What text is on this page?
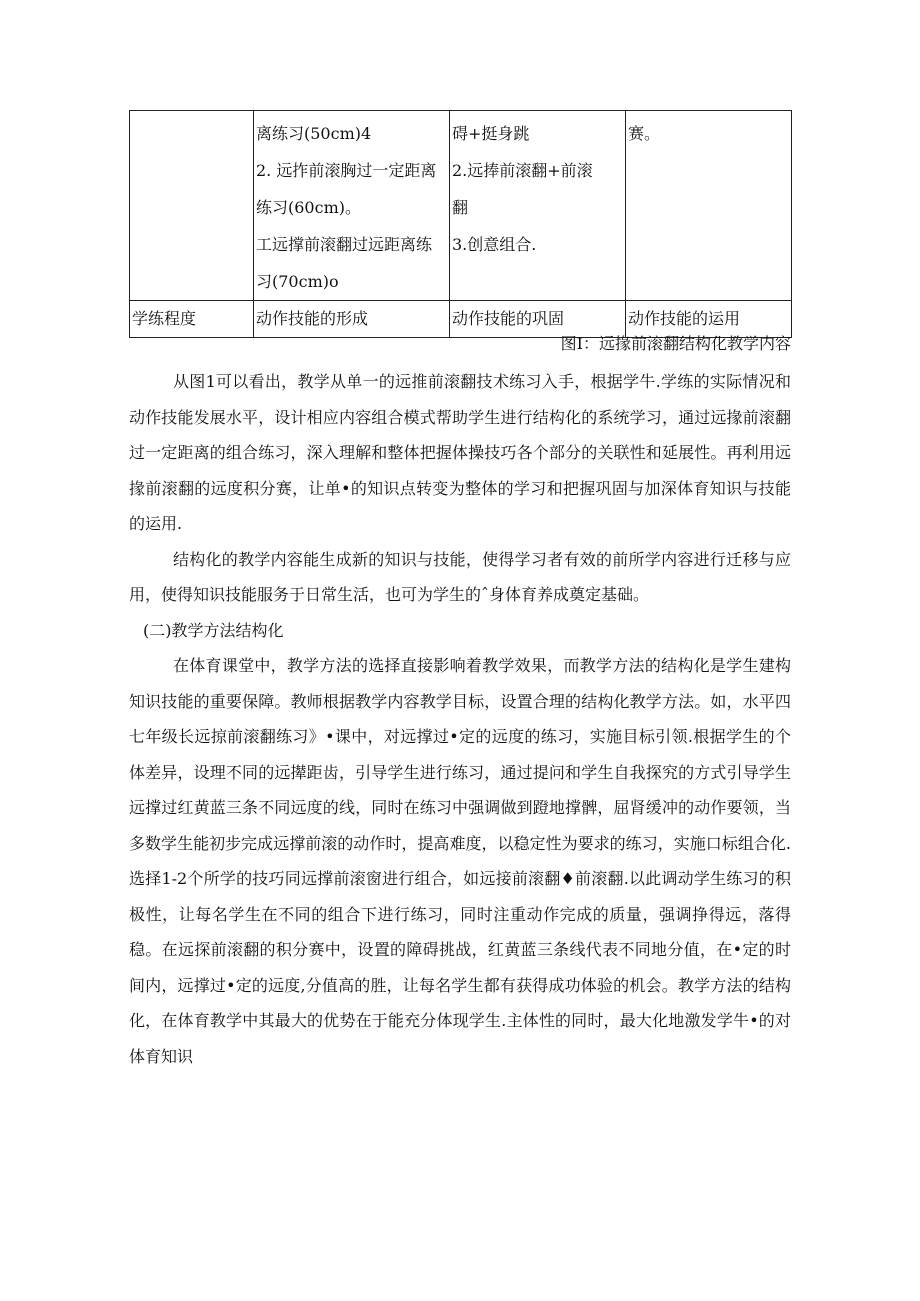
	离练习(50cm)4
2. 远拃前滚胸过一定距离
练习(60cm)。
工远撑前滚翻过远距离练
习(70cm)o	碍+挺身跳
2.远捧前滚翻+前滚
翻
3.创意组合.	赛。

学练程度	动作技能的形成	动作技能的巩固	动作技能的运用
图I：远掾前滚翻结构化教学内容

从图1可以看出，教学从单一的远推前滚翻技术练习入手，根据学牛.学练的实际情况和动作技能发展水平，设计相应内容组合模式帮助学生进行结构化的系统学习，通过远掾前滚翻过一定距离的组合练习，深入理解和整体把握体操技巧各个部分的关联性和延展性。再利用远掾前滚翻的远度积分赛，让单•的知识点转变为整体的学习和把握巩固与加深体育知识与技能的运用.

结构化的教学内容能生成新的知识与技能，使得学习者有效的前所学内容进行迁移与应用，使得知识技能服务于日常生活，也可为学生的ˆ身体育养成奠定基础。

(二)教学方法结构化

在体育课堂中，教学方法的选择直接影响着教学效果，而教学方法的结构化是学生建构知识技能的重要保障。教师根据教学内容教学目标，设置合理的结构化教学方法。如，水平四七年级长远掠前滚翻练习》•课中，对远撑过•定的远度的练习，实施目标引领.根据学生的个体差异，设理不同的远撵距齿，引导学生进行练习，通过提问和学生自我探究的方式引导学生远撑过红黄蓝三条不同远度的线，同时在练习中强调做到蹬地撑髀，屈肾缓冲的动作要领，当多数学生能初步完成远撑前滚的动作时，提高难度，以稳定性为要求的练习，实施口标组合化.选择1-2个所学的技巧同远撑前滚窗进行组合，如远接前滚翻♦前滚翻.以此调动学生练习的积极性，让每名学生在不同的组合下进行练习，同时注重动作完成的质量，强调挣得远，落得稳。在远探前滚翻的积分赛中，设置的障碍挑战，红黄蓝三条线代表不同地分值，在•定的时间内，远撑过•定的远度,分值高的胜，让每名学生都有获得成功体验的机会。教学方法的结构化，在体育教学中其最大的优势在于能充分体现学生.主体性的同时，最大化地激发学牛•的对体育知识
